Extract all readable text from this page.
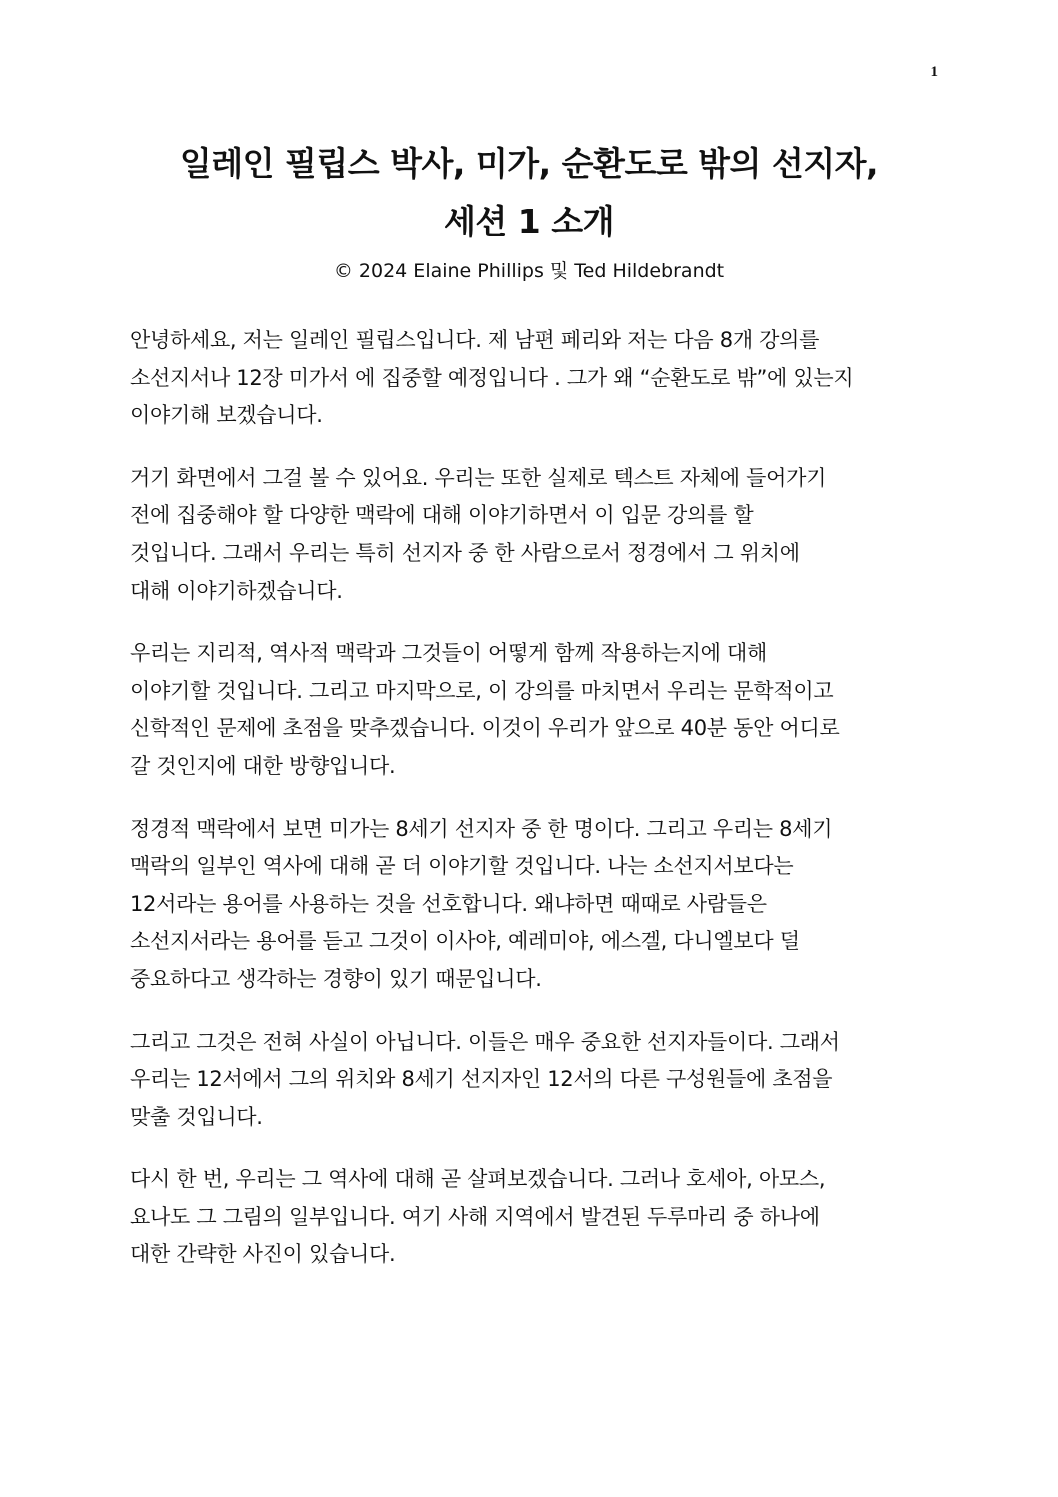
1
일레인 필립스 박사, 미가, 순환도로 밖의 선지자,
세션 1 소개
© 2024 Elaine Phillips 및 Ted Hildebrandt
안녕하세요, 저는 일레인 필립스입니다. 제 남편 페리와 저는 다음 8개 강의를
소선지서나 12장 미가서 에 집중할 예정입니다 . 그가 왜 “순환도로 밖”에 있는지
이야기해 보겠습니다.
거기 화면에서 그걸 볼 수 있어요. 우리는 또한 실제로 텍스트 자체에 들어가기
전에 집중해야 할 다양한 맥락에 대해 이야기하면서 이 입문 강의를 할
것입니다. 그래서 우리는 특히 선지자 중 한 사람으로서 정경에서 그 위치에
대해 이야기하겠습니다.
우리는 지리적, 역사적 맥락과 그것들이 어떻게 함께 작용하는지에 대해
이야기할 것입니다. 그리고 마지막으로, 이 강의를 마치면서 우리는 문학적이고
신학적인 문제에 초점을 맞추겠습니다. 이것이 우리가 앞으로 40분 동안 어디로
갈 것인지에 대한 방향입니다.
정경적 맥락에서 보면 미가는 8세기 선지자 중 한 명이다. 그리고 우리는 8세기
맥락의 일부인 역사에 대해 곧 더 이야기할 것입니다. 나는 소선지서보다는
12서라는 용어를 사용하는 것을 선호합니다. 왜냐하면 때때로 사람들은
소선지서라는 용어를 듣고 그것이 이사야, 예레미야, 에스겔, 다니엘보다 덜
중요하다고 생각하는 경향이 있기 때문입니다.
그리고 그것은 전혀 사실이 아닙니다. 이들은 매우 중요한 선지자들이다. 그래서
우리는 12서에서 그의 위치와 8세기 선지자인 12서의 다른 구성원들에 초점을
맞출 것입니다.
다시 한 번, 우리는 그 역사에 대해 곧 살펴보겠습니다. 그러나 호세아, 아모스,
요나도 그 그림의 일부입니다. 여기 사해 지역에서 발견된 두루마리 중 하나에
대한 간략한 사진이 있습니다.
